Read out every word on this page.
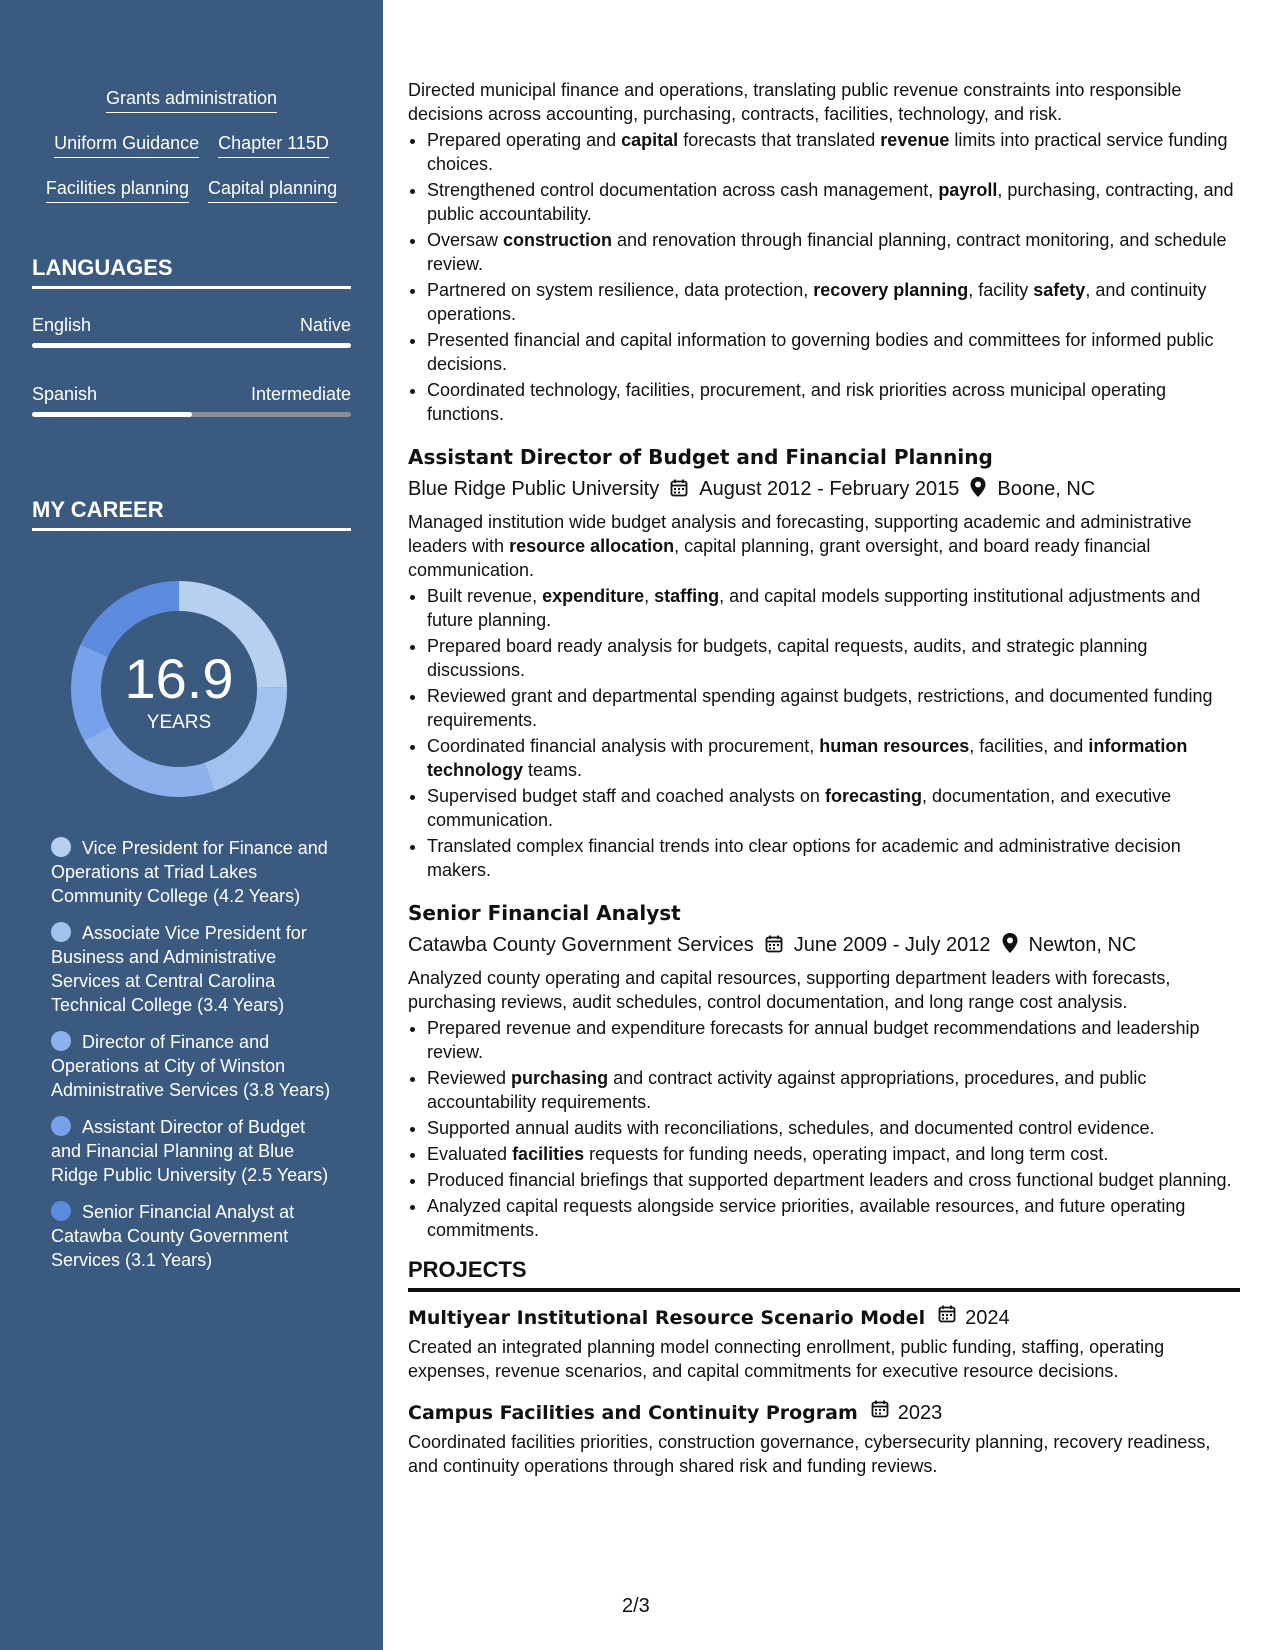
Grants administration
Uniform Guidance Chapter 115D
Facilities planning Capital planning
LANGUAGES
English	Native
Spanish	Intermediate
MY CAREER
16.9
YEARS
Vice President for Finance and Operations at Triad Lakes Community College (4.2 Years)
Associate Vice President for Business and Administrative Services at Central Carolina Technical College (3.4 Years)
Director of Finance and Operations at City of Winston Administrative Services (3.8 Years)
Assistant Director of Budget and Financial Planning at Blue Ridge Public University (2.5 Years)
Senior Financial Analyst at Catawba County Government Services (3.1 Years)

Directed municipal finance and operations, translating public revenue constraints into responsible decisions across accounting, purchasing, contracts, facilities, technology, and risk.

• Prepared operating and capital forecasts that translated revenue limits into practical service funding choices.
• Strengthened control documentation across cash management, payroll, purchasing, contracting, and public accountability.
• Oversaw construction and renovation through financial planning, contract monitoring, and schedule review.
• Partnered on system resilience, data protection, recovery planning, facility safety, and continuity operations.
• Presented financial and capital information to governing bodies and committees for informed public decisions.
• Coordinated technology, facilities, procurement, and risk priorities across municipal operating functions.
Assistant Director of Budget and Financial Planning
Blue Ridge Public University August 2012 - February 2015 Boone, NC

Managed institution wide budget analysis and forecasting, supporting academic and administrative leaders with resource allocation, capital planning, grant oversight, and board ready financial communication.

• Built revenue, expenditure, staffing, and capital models supporting institutional adjustments and future planning.
• Prepared board ready analysis for budgets, capital requests, audits, and strategic planning discussions.
• Reviewed grant and departmental spending against budgets, restrictions, and documented funding requirements.
• Coordinated financial analysis with procurement, human resources, facilities, and information technology teams.
• Supervised budget staff and coached analysts on forecasting, documentation, and executive communication.
• Translated complex financial trends into clear options for academic and administrative decision makers.
Senior Financial Analyst
Catawba County Government Services June 2009 - July 2012 Newton, NC

Analyzed county operating and capital resources, supporting department leaders with forecasts, purchasing reviews, audit schedules, control documentation, and long range cost analysis.

• Prepared revenue and expenditure forecasts for annual budget recommendations and leadership review.
• Reviewed purchasing and contract activity against appropriations, procedures, and public accountability requirements.
• Supported annual audits with reconciliations, schedules, and documented control evidence.
• Evaluated facilities requests for funding needs, operating impact, and long term cost.
• Produced financial briefings that supported department leaders and cross functional budget planning.
• Analyzed capital requests alongside service priorities, available resources, and future operating commitments.
PROJECTS
Multiyear Institutional Resource Scenario Model 2024

Created an integrated planning model connecting enrollment, public funding, staffing, operating expenses, revenue scenarios, and capital commitments for executive resource decisions.

Campus Facilities and Continuity Program 2023

Coordinated facilities priorities, construction governance, cybersecurity planning, recovery readiness, and continuity operations through shared risk and funding reviews.

2/3
